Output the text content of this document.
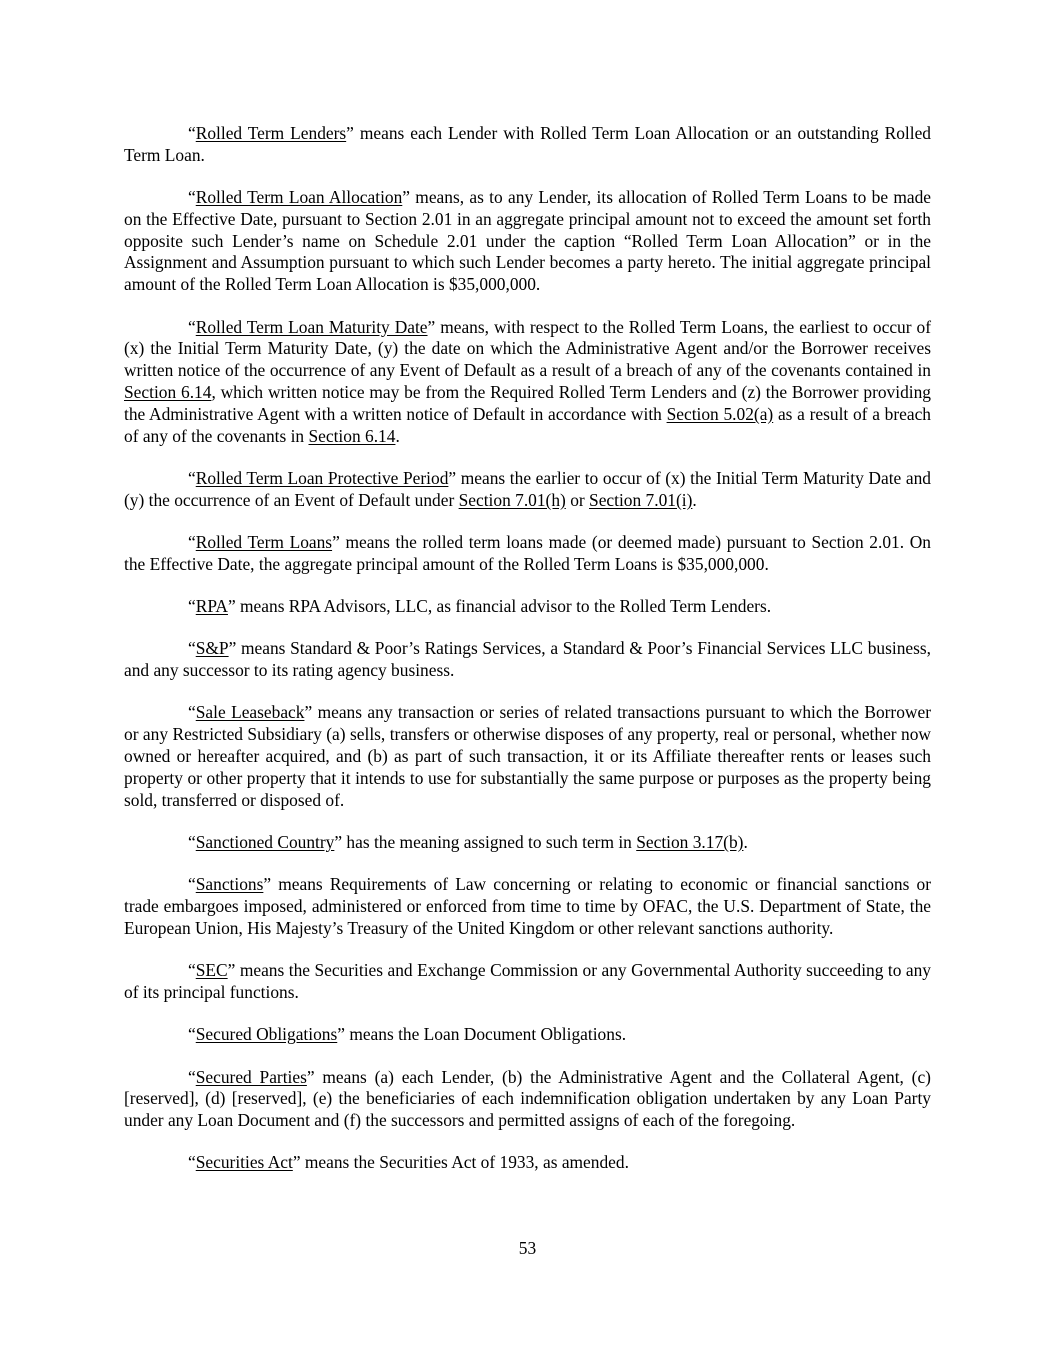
“Rolled Term Lenders” means each Lender with Rolled Term Loan Allocation or an outstanding Rolled Term Loan.

“Rolled Term Loan Allocation” means, as to any Lender, its allocation of Rolled Term Loans to be made on the Effective Date, pursuant to Section 2.01 in an aggregate principal amount not to exceed the amount set forth opposite such Lender’s name on Schedule 2.01 under the caption “Rolled Term Loan Allocation” or in the Assignment and Assumption pursuant to which such Lender becomes a party hereto. The initial aggregate principal amount of the Rolled Term Loan Allocation is $35,000,000.

“Rolled Term Loan Maturity Date” means, with respect to the Rolled Term Loans, the earliest to occur of (x) the Initial Term Maturity Date, (y) the date on which the Administrative Agent and/or the Borrower receives written notice of the occurrence of any Event of Default as a result of a breach of any of the covenants contained in Section 6.14, which written notice may be from the Required Rolled Term Lenders and (z) the Borrower providing the Administrative Agent with a written notice of Default in accordance with Section 5.02(a) as a result of a breach of any of the covenants in Section 6.14.

“Rolled Term Loan Protective Period” means the earlier to occur of (x) the Initial Term Maturity Date and (y) the occurrence of an Event of Default under Section 7.01(h) or Section 7.01(i).

“Rolled Term Loans” means the rolled term loans made (or deemed made) pursuant to Section 2.01. On the Effective Date, the aggregate principal amount of the Rolled Term Loans is $35,000,000.

“RPA” means RPA Advisors, LLC, as financial advisor to the Rolled Term Lenders.

“S&P” means Standard & Poor’s Ratings Services, a Standard & Poor’s Financial Services LLC business, and any successor to its rating agency business.

“Sale Leaseback” means any transaction or series of related transactions pursuant to which the Borrower or any Restricted Subsidiary (a) sells, transfers or otherwise disposes of any property, real or personal, whether now owned or hereafter acquired, and (b) as part of such transaction, it or its Affiliate thereafter rents or leases such property or other property that it intends to use for substantially the same purpose or purposes as the property being sold, transferred or disposed of.

“Sanctioned Country” has the meaning assigned to such term in Section 3.17(b).

“Sanctions” means Requirements of Law concerning or relating to economic or financial sanctions or trade embargoes imposed, administered or enforced from time to time by OFAC, the U.S. Department of State, the European Union, His Majesty’s Treasury of the United Kingdom or other relevant sanctions authority.

“SEC” means the Securities and Exchange Commission or any Governmental Authority succeeding to any of its principal functions.

“Secured Obligations” means the Loan Document Obligations.

“Secured Parties” means (a) each Lender, (b) the Administrative Agent and the Collateral Agent, (c) [reserved], (d) [reserved], (e) the beneficiaries of each indemnification obligation undertaken by any Loan Party under any Loan Document and (f) the successors and permitted assigns of each of the foregoing.

“Securities Act” means the Securities Act of 1933, as amended.

53
